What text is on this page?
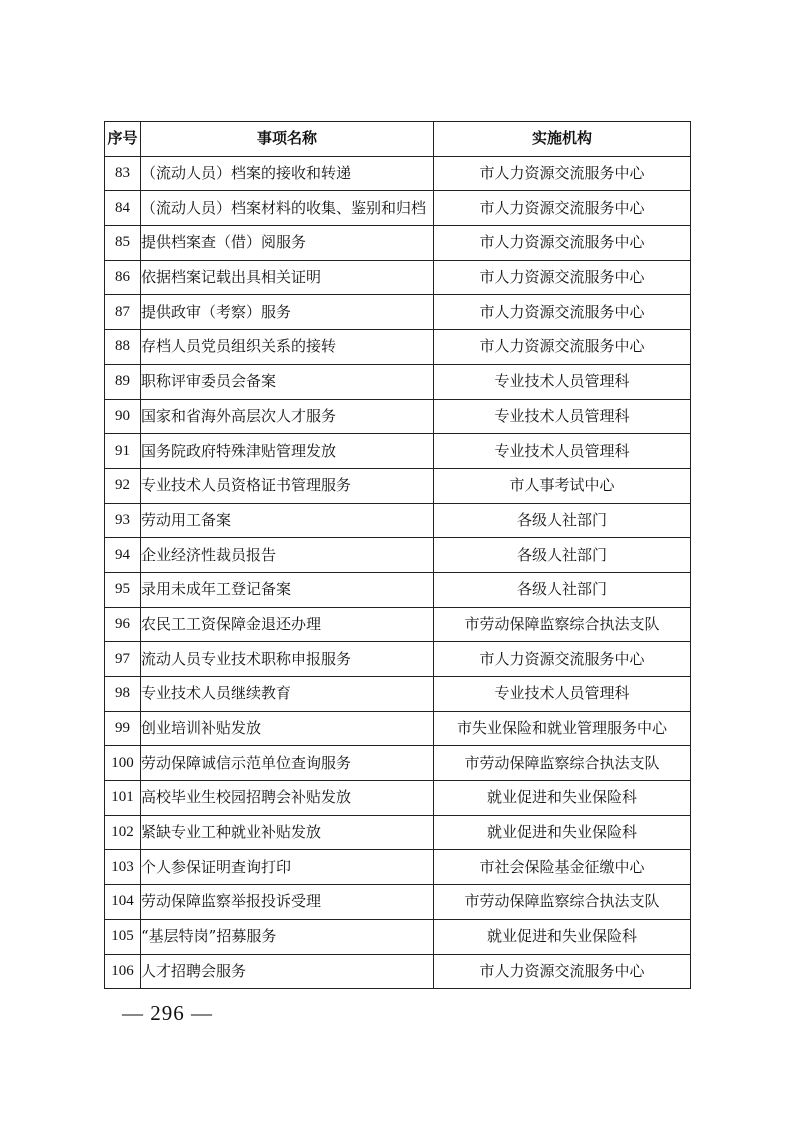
序号	事项名称	实施机构
83	（流动人员）档案的接收和转递	市人力资源交流服务中心
84	（流动人员）档案材料的收集、鉴别和归档	市人力资源交流服务中心
85	提供档案查（借）阅服务	市人力资源交流服务中心
86	依据档案记载出具相关证明	市人力资源交流服务中心
87	提供政审（考察）服务	市人力资源交流服务中心
88	存档人员党员组织关系的接转	市人力资源交流服务中心
89	职称评审委员会备案	专业技术人员管理科
90	国家和省海外高层次人才服务	专业技术人员管理科
91	国务院政府特殊津贴管理发放	专业技术人员管理科
92	专业技术人员资格证书管理服务	市人事考试中心
93	劳动用工备案	各级人社部门
94	企业经济性裁员报告	各级人社部门
95	录用未成年工登记备案	各级人社部门
96	农民工工资保障金退还办理	市劳动保障监察综合执法支队
97	流动人员专业技术职称申报服务	市人力资源交流服务中心
98	专业技术人员继续教育	专业技术人员管理科
99	创业培训补贴发放	市失业保险和就业管理服务中心
100	劳动保障诚信示范单位查询服务	市劳动保障监察综合执法支队
101	高校毕业生校园招聘会补贴发放	就业促进和失业保险科
102	紧缺专业工种就业补贴发放	就业促进和失业保险科
103	个人参保证明查询打印	市社会保险基金征缴中心
104	劳动保障监察举报投诉受理	市劳动保障监察综合执法支队
105	“基层特岗”招募服务	就业促进和失业保险科
106	人才招聘会服务	市人力资源交流服务中心
— 296 —
